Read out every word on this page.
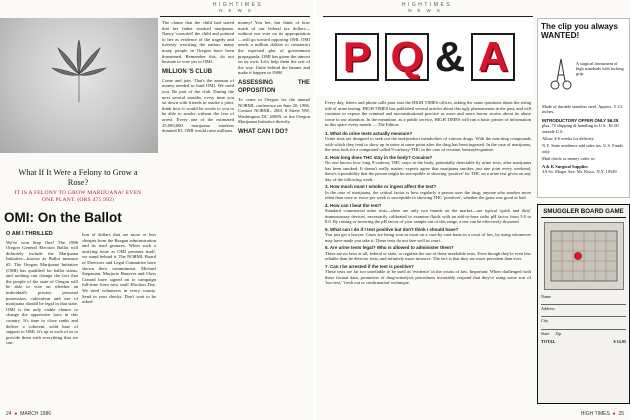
HIGHTIMES
NEWS
What If It Were a Felony to Grow a Rose?
IT IS A FELONY TO GROW MARIJUANA! EVEN ONE PLANT. (ORS 475.992)

The clause that the child had stated that her father smoked marijuana. Nancy 'consoled' the child and pointed to her as evidence of the tragedy and travesty wrecking the nation: many many people in Oregon have been threatened. Remember this, do not hesitate to vote yes to OMI.

MILLION 'S CLUB

Come and join. That's the amount of money needed to fund OMI. We need you. Be part of the club. During the next several months, every time you sit down with friends to smoke a joint, think how it would be worth to you to be able to smoke without the fear of arrest. Every one of the estimated 25,000,000 marijuana smokers donated $1, OMI would raise millions.

money! You bet, but think of how much of our federal tax dollars—without our vote on its appropriation—will go toward opposing OMI. OMI needs a million dollars to counteract the expected glut of government propaganda. OMI has given the utmost on its own. Let's help them the rest of the way. Unite behind the banner and make it happen in 1986!

ASSESSING THE OPPOSITION

To come to Oregon for the annual NORML conference on June 20, 1986. Contact NORML, 2001 S Street NW, Washington DC 20009, or the Oregon Marijuana Initiative directly.

WHAT CAN I DO?
OMI: On the Ballot
O AM I THRILLED

We've won Step One! The 1986 Oregon General Election Ballot will definitely include the Marijuana Initiative—known as Ballot measure #5. The Oregon Marijuana Initiative (OMI) has qualified for ballot status, and nothing can change the fact that the people of the state of Oregon will be able to vote on whether an individual's private, personal possession, cultivation and use of marijuana should be legal in that state. OMI is the only viable chance to change the oppressive laws in this country. It's time to close ranks and deliver a coherent, solid base of support to OMI. It's up to each of us to provide them with everything that we can.

lion of dollars that are more or less cheaper from the Reagan administration and its mad gestures. When such a unifying issue as OMI presents itself, we stand behind it. The NORML Board of Directors and Legal Committee have shown their commitment. Michael Stepanian, Marjorie Hanover and Chris Conrad have signed on to campaign full-time from now until Election Day. We need volunteers in every county. Send in your checks. Don't wait to be asked.

24 ● MARCH 1986
HIGHTIMES
NEWS
P Q & A

Every day, letters and phone calls pour into the HIGH TIMES offices, asking the same questions about the rising tide of urine testing. HIGH TIMES has published several articles about this ugly phenomenon in the past, and will continue to expose the criminal and unconstitutional practice as more and more horror stories about its abuse come to our attention. In the meantime, as a public service, HIGH TIMES will run a basic primer of information in this space every month. —The Editors

1. What do urine tests actually measure?
Urine tests are designed to seek out the end-product metabolites of various drugs. With the non-drug compounds with which they tend to show up in urine at some point after the drug has been ingested. In the case of marijuana, the tests look for a compound called 9-carboxy-THC in the case of cocaine, benzoylecgonine.
2. How long does THC stay in the body? Cocaine?
No one knows how long 9-carboxy THC stays in the body, potentially detectable by urine tests, after marijuana has been smoked. It doesn't really matter; experts agree that marijuana smokes just one joint every weekend, there's a possibility that the person might be susceptible to showing 'positive' for THC on a urine test given on any day of the following week.
3. How much must I smoke or ingest affect the test?
In the case of marijuana, the critical factor is how regularly a person uses the drug; anyone who smokes more often than once or twice per week is susceptible to showing THC 'positives', whether the grass was good or bad.
4. How can I beat the test?
Standard commercial urine tests—there are only two brands on the market—are typical 'quick and dirty' immunoassay devices, necessarily calibrated to examine fluids with an add-to-base radio pH factor from 5.0 to 8.0. By raising or lowering the pH factor of your sample out of this range, a test can be effectively thwarted.
5. What can I do if I test positive but don't think I should have?
You just get a lawyer. Cases are being won in court on a case-by-case basis in a court of law, by using whomever may have made you take it. These tests do not fare well in court.
6. Are urine tests legal? Who is allowed to administer them?
There are no laws at all, federal or state, to regulate the use of these unreliable tests. Even though they're even less reliable than lie detector tests, and infinitely more invasive. The fact is that they are more prevalent than ever.
7. Can I be arrested if the test is positive?
These tests are far too unreliable to be used as 'evidence' in the courts of law. Important: When challenged with these factual data, promoters of drug-urinalysis procedures invariably respond that they're using some sort of 'two-test,' 'fresh out or confirmation' technique.
The clip you always WANTED!
A surgical instrument of high standards with locking grip.
Made of durable stainless steel. Approx. 5 1/2 inches.
INTRODUCTORY OFFER ONLY $6.25
plus .75 shipping & handling in U.S., $1.00 outside U.S.
Allow 4-6 weeks for delivery.
N.Y. State residence add sales tax. U.S. Funds only.
Mail check or money order to:
A & K Surgical Supplies
3A So. Moger Ave. Mt. Kisco, N.Y. 10549
SMUGGLER BOARD GAME
Name
Address
City
State Zip
TOTAL	$ 14.95
HIGH TIMES ● 25
